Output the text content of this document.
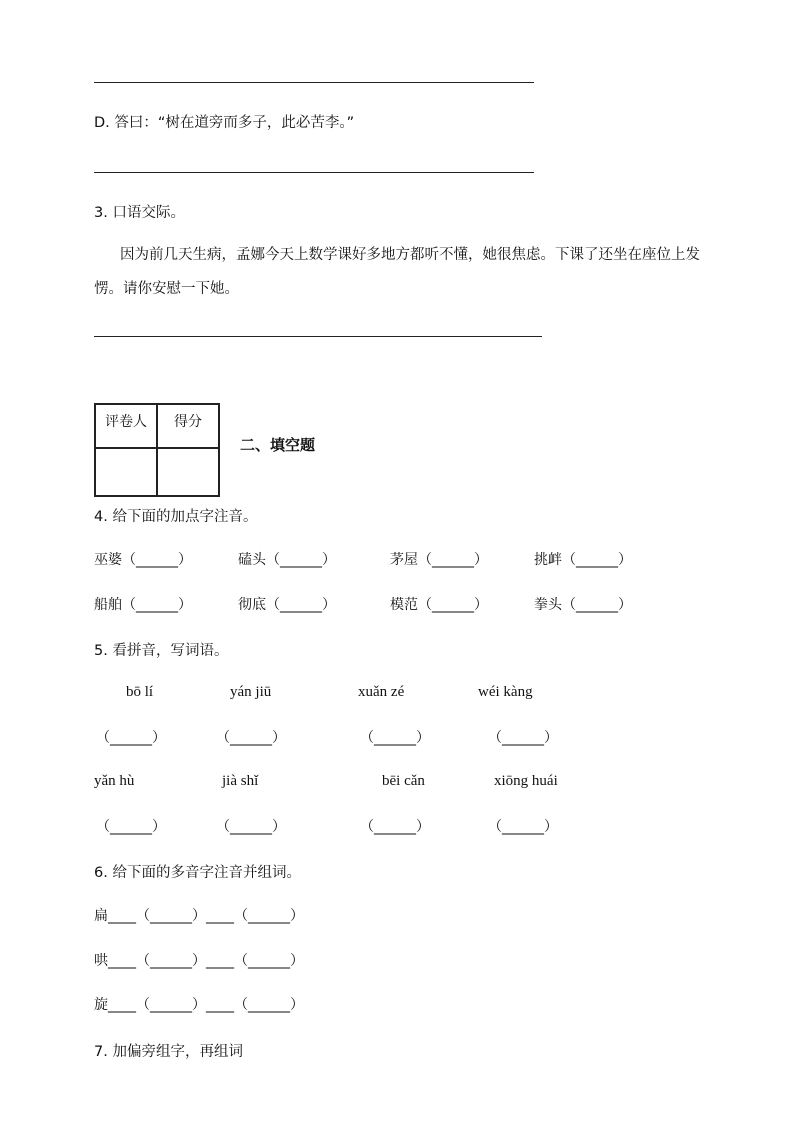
D. 答曰：“树在道旁而多子，此必苦李。”
3. 口语交际。
因为前几天生病，孟娜今天上数学课好多地方都听不懂，她很焦虑。下课了还坐在座位上发愣。请你安慰一下她。
评卷人	得分

二、填空题
4. 给下面的加点字注音。
巫婆（______）	磕头（______）	茅屋（______）	挑衅（______）
船舶（______）	彻底（______）	模范（______）	拳头（______）
5. 看拼音，写词语。
bō lí	yán jiū	xuǎn zé	wéi kàng
（______）	（______）	（______）	（______）
yǎn hù	jià shǐ	bēi cǎn	xiōng huái
（______）	（______）	（______）	（______）
6. 给下面的多音字注音并组词。
扁____（______）____（______）
哄____（______）____（______）
旋____（______）____（______）
7. 加偏旁组字，再组词
